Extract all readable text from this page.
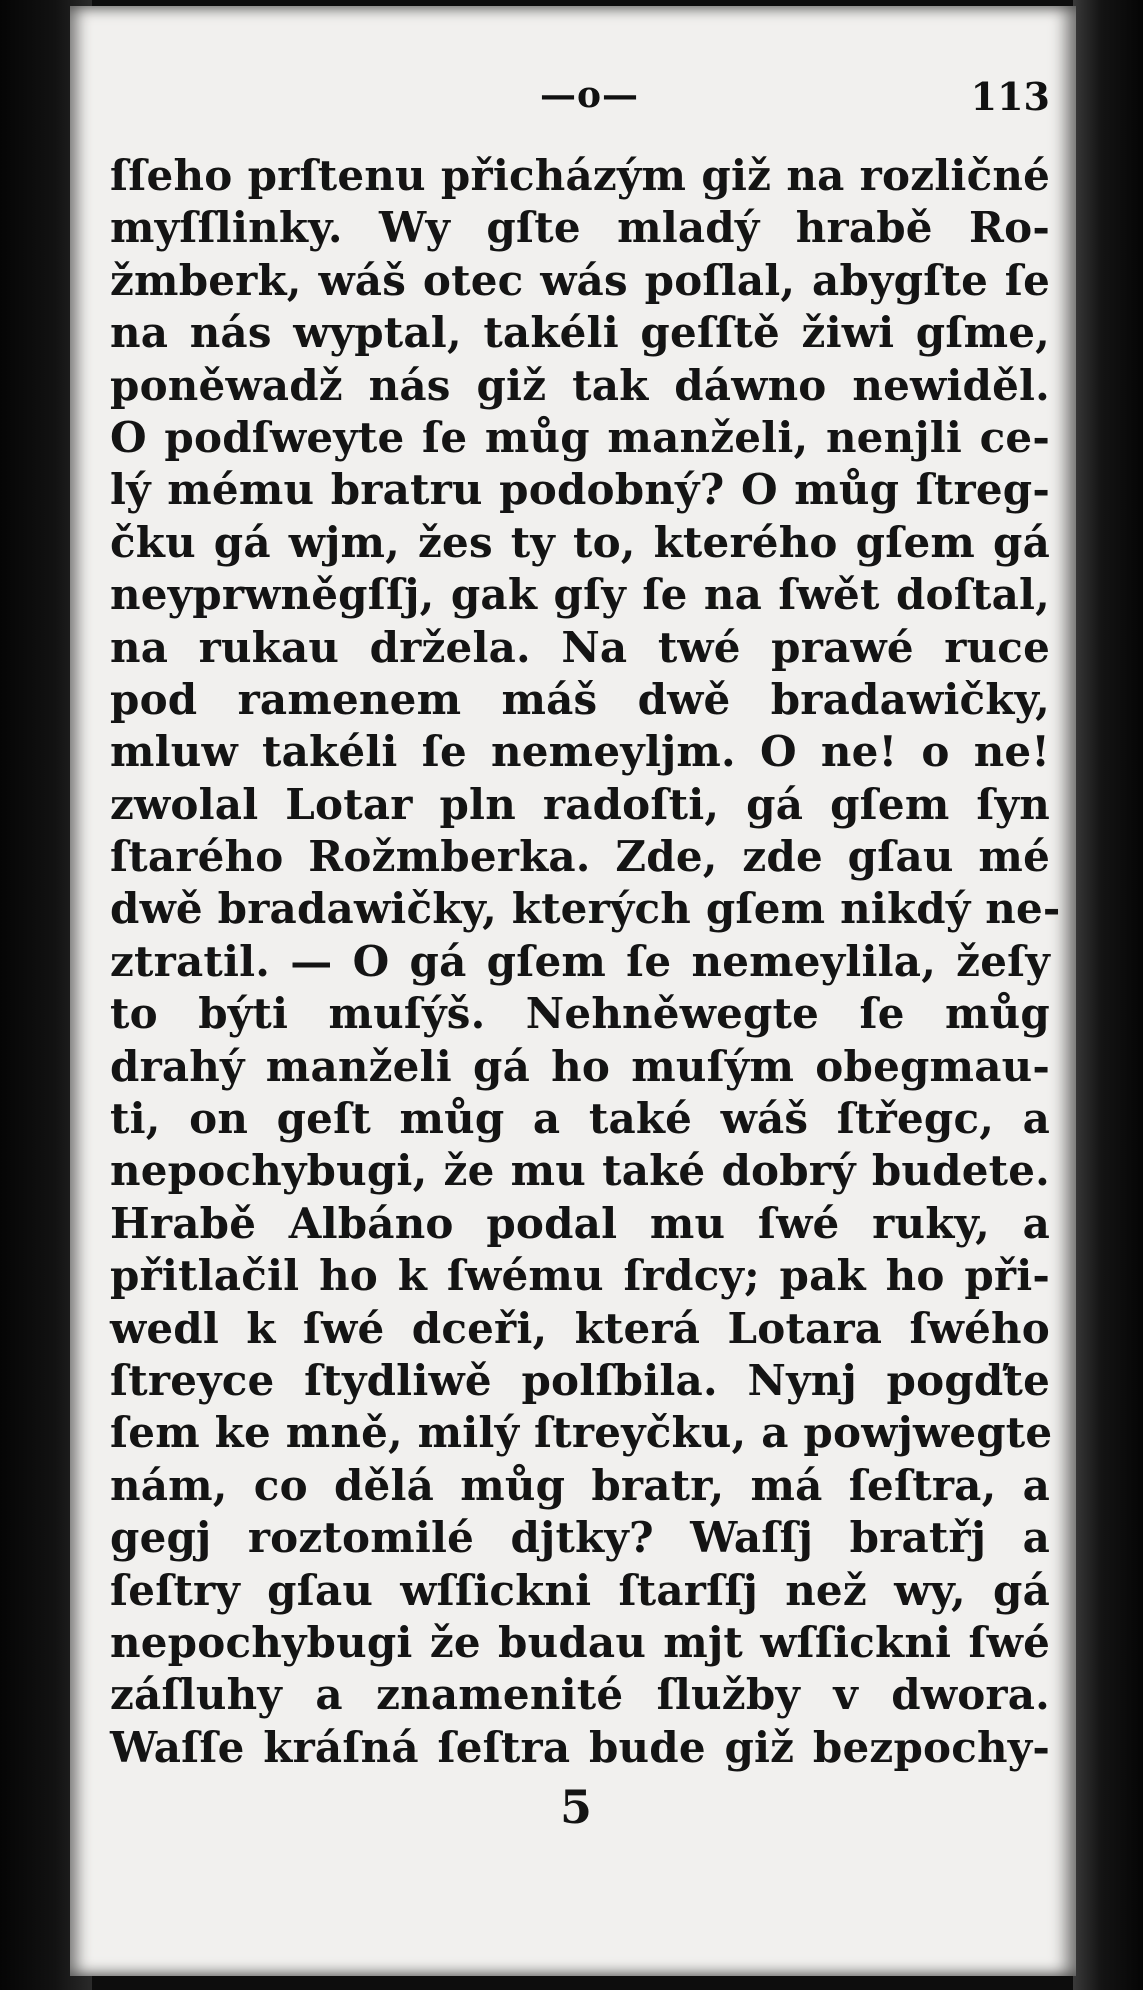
—o—	113
ſſeho prſtenu přicházým giž na rozličné
myſſlinky. Wy gſte mladý hrabě Ro-
žmberk, wáš otec wás poſlal, abygſte ſe
na nás wyptal, takéli geſſtě žiwi gſme,
poněwadž nás giž tak dáwno newiděl.
O podſweyte ſe můg manželi, nenjli ce-
lý mému bratru podobný? O můg ſtreg-
čku gá wjm, žes ty to, kterého gſem gá
neyprwněgſſj, gak gſy ſe na ſwět doſtal,
na rukau držela. Na twé prawé ruce
pod ramenem máš dwě bradawičky,
mluw takéli ſe nemeyljm. O ne! o ne!
zwolal Lotar pln radoſti, gá gſem ſyn
ſtarého Rožmberka. Zde, zde gſau mé
dwě bradawičky, kterých gſem nikdý ne-
ztratil. — O gá gſem ſe nemeylila, žeſy
to býti muſýš. Nehněwegte ſe můg
drahý manželi gá ho muſým obegmau-
ti, on geſt můg a také wáš ſtřegc, a
nepochybugi, že mu také dobrý budete.
Hrabě Albáno podal mu ſwé ruky, a
přitlačil ho k ſwému ſrdcy; pak ho při-
wedl k ſwé dceři, která Lotara ſwého
ſtreyce ſtydliwě polſbila. Nynj pogďte
ſem ke mně, milý ſtreyčku, a powjwegte
nám, co dělá můg bratr, má ſeſtra, a
gegj roztomilé djtky? Waſſj bratřj a
ſeſtry gſau wſſickni ſtarſſj než wy, gá
nepochybugi že budau mjt wſſickni ſwé
záſluhy a znamenité ſlužby v dwora.
Waſſe kráſná ſeſtra bude giž bezpochy-
5
